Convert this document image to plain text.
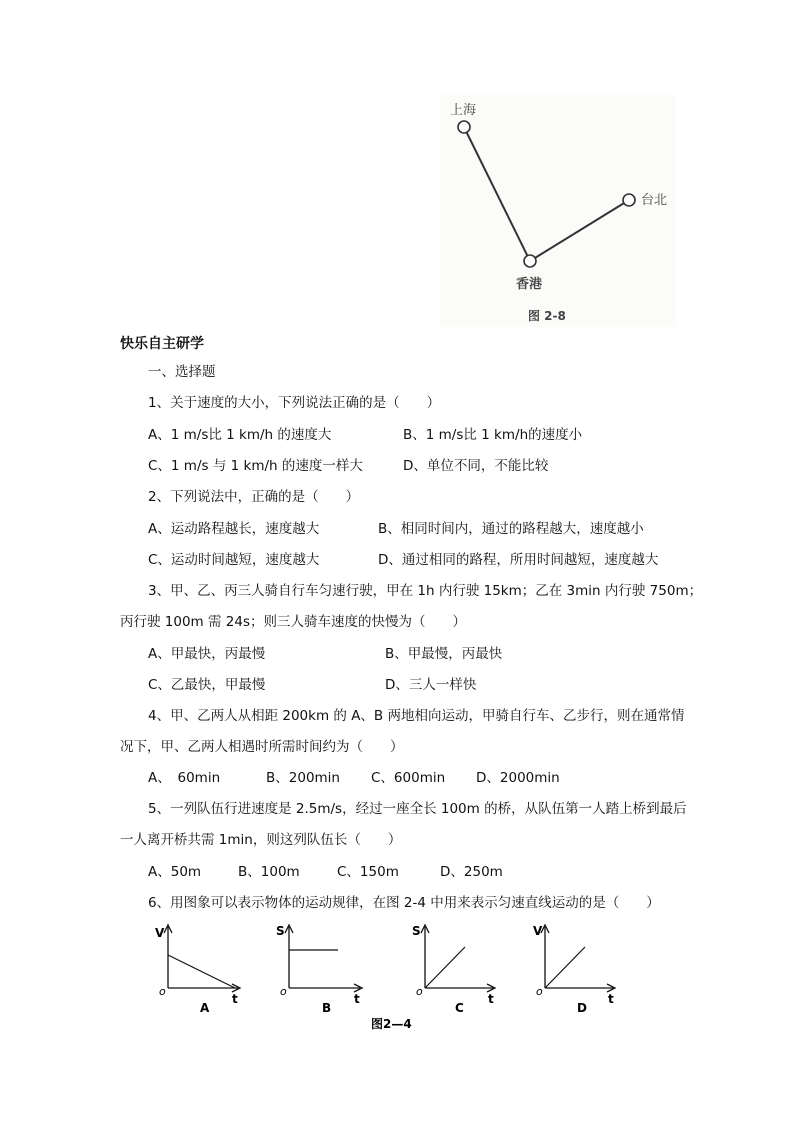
上海
台北
香港
图 2-8
快乐自主研学
一、选择题
1、关于速度的大小，下列说法正确的是（　　）
A、1 m/s比 1 km/h 的速度大	B、1 m/s比 1 km/h的速度小
C、1 m/s 与 1 km/h 的速度一样大	D、单位不同，不能比较
2、下列说法中，正确的是（　　）
A、运动路程越长，速度越大	B、相同时间内，通过的路程越大，速度越小
C、运动时间越短，速度越大	D、通过相同的路程，所用时间越短，速度越大
3、甲、乙、丙三人骑自行车匀速行驶，甲在 1h 内行驶 15km；乙在 3min 内行驶 750m；
丙行驶 100m 需 24s；则三人骑车速度的快慢为（　　）
A、甲最快，丙最慢	B、甲最慢，丙最快
C、乙最快，甲最慢	D、三人一样快
4、甲、乙两人从相距 200km 的 A、B 两地相向运动，甲骑自行车、乙步行，则在通常情
况下，甲、乙两人相遇时所需时间约为（　　）
A、　60min	B、200min C、600min D、2000min
5、一列队伍行进速度是 2.5m/s，经过一座全长 100m 的桥，从队伍第一人踏上桥到最后
一人离开桥共需 1min，则这列队伍长（　　）
A、50m	B、100m	C、150m	D、250m
6、用图象可以表示物体的运动规律，在图 2-4 中用来表示匀速直线运动的是（　　）
V
o
t
A
S
o
t
B
S
o
t
C
V
o
t
D
图2—4
